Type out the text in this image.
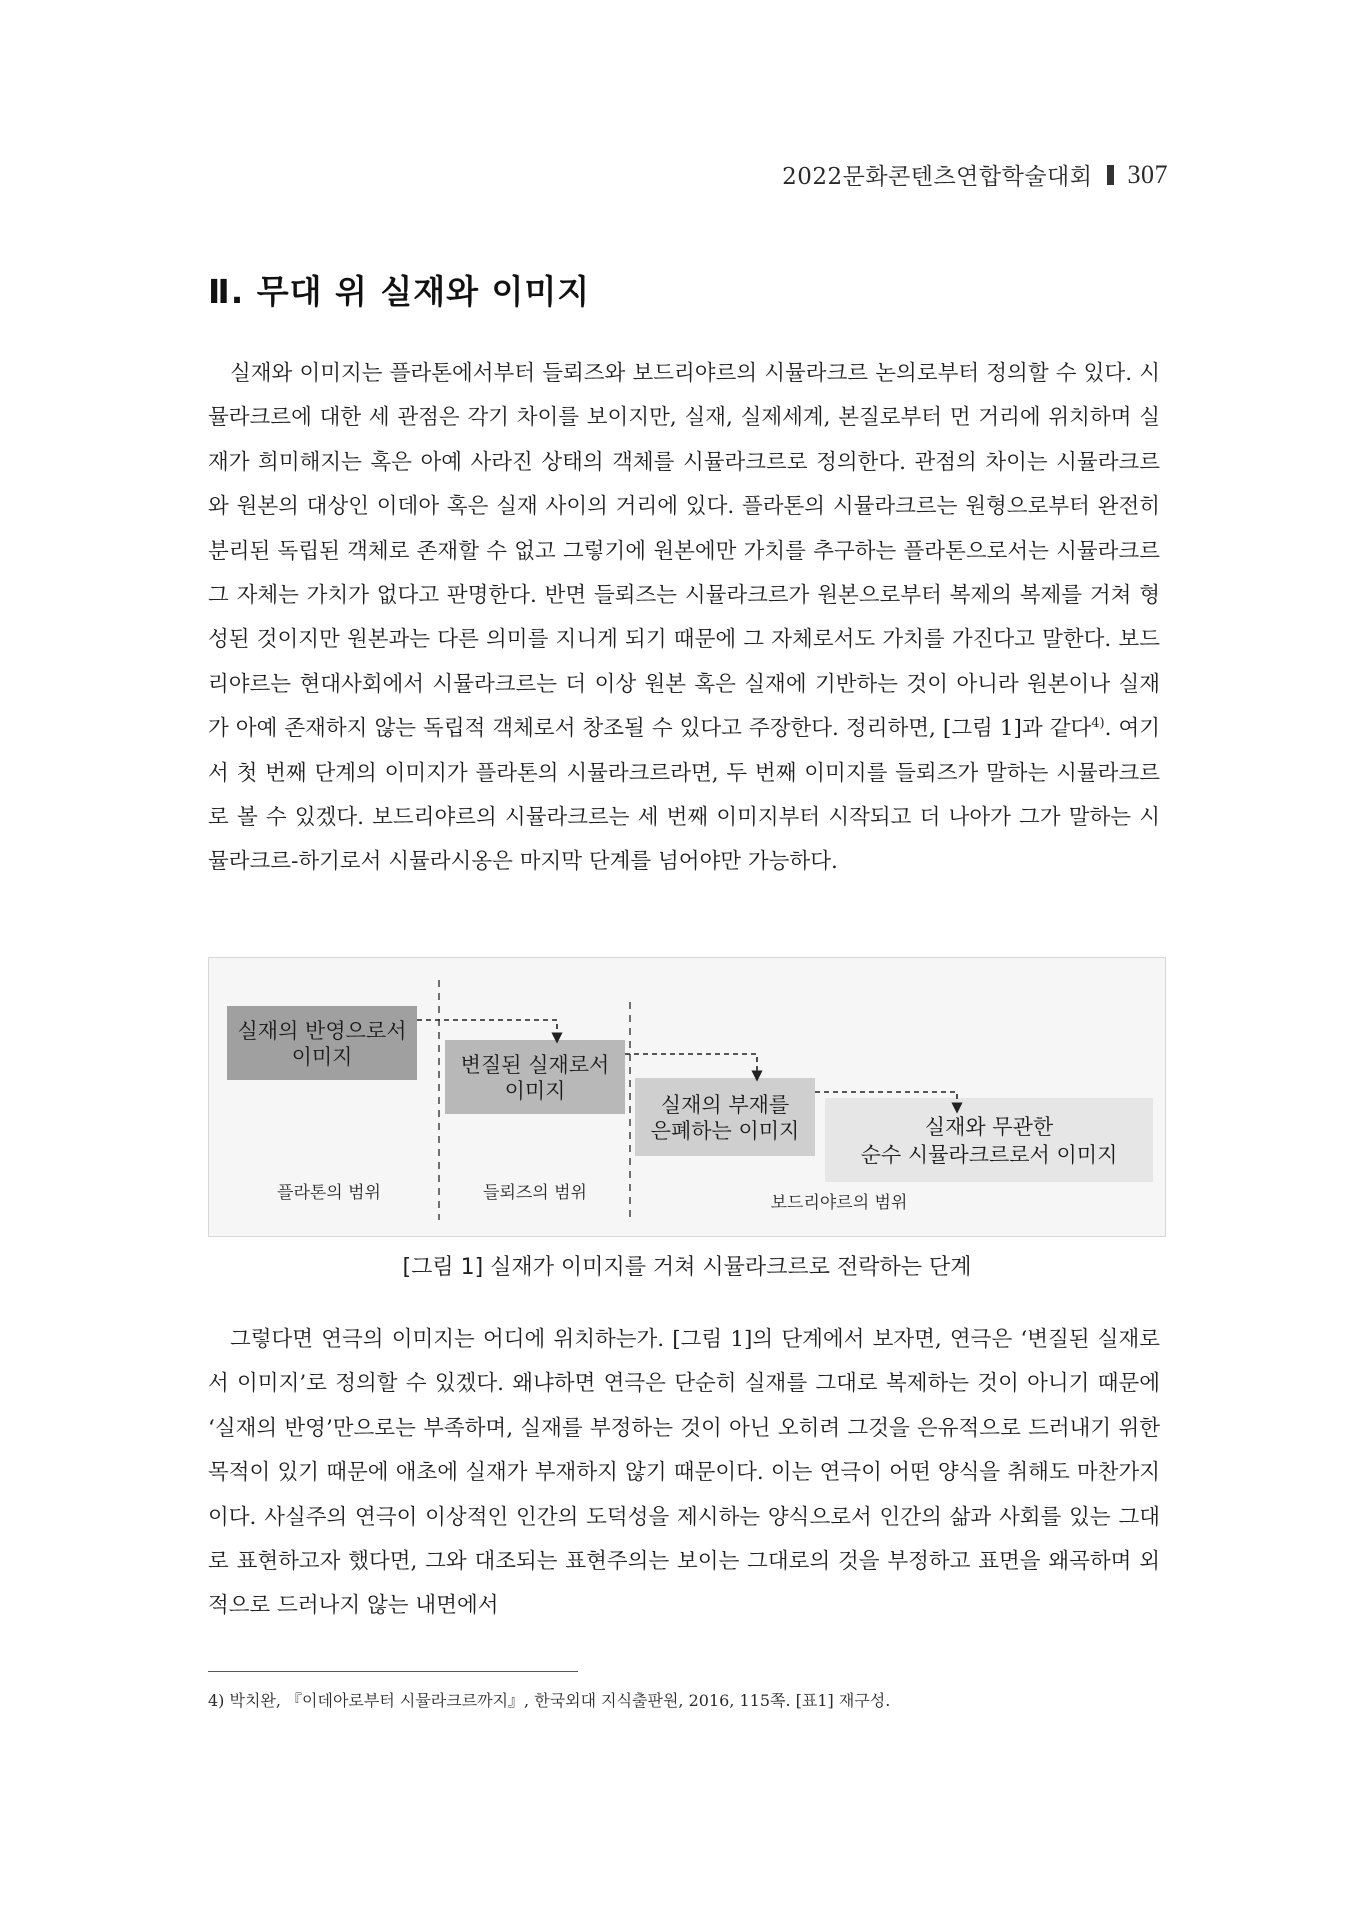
2022문화콘텐츠연합학술대회 307
Ⅱ. 무대 위 실재와 이미지

실재와 이미지는 플라톤에서부터 들뢰즈와 보드리야르의 시뮬라크르 논의로부터 정의할 수 있다. 시뮬라크르에 대한 세 관점은 각기 차이를 보이지만, 실재, 실제세계, 본질로부터 먼 거리에 위치하며 실재가 희미해지는 혹은 아예 사라진 상태의 객체를 시뮬라크르로 정의한다. 관점의 차이는 시뮬라크르와 원본의 대상인 이데아 혹은 실재 사이의 거리에 있다. 플라톤의 시뮬라크르는 원형으로부터 완전히 분리된 독립된 객체로 존재할 수 없고 그렇기에 원본에만 가치를 추구하는 플라톤으로서는 시뮬라크르 그 자체는 가치가 없다고 판명한다. 반면 들뢰즈는 시뮬라크르가 원본으로부터 복제의 복제를 거쳐 형성된 것이지만 원본과는 다른 의미를 지니게 되기 때문에 그 자체로서도 가치를 가진다고 말한다. 보드리야르는 현대사회에서 시뮬라크르는 더 이상 원본 혹은 실재에 기반하는 것이 아니라 원본이나 실재가 아예 존재하지 않는 독립적 객체로서 창조될 수 있다고 주장한다. 정리하면, [그림 1]과 같다$^{4)}$. 여기서 첫 번째 단계의 이미지가 플라톤의 시뮬라크르라면, 두 번째 이미지를 들뢰즈가 말하는 시뮬라크르로 볼 수 있겠다. 보드리야르의 시뮬라크르는 세 번째 이미지부터 시작되고 더 나아가 그가 말하는 시뮬라크르-하기로서 시뮬라시옹은 마지막 단계를 넘어야만 가능하다.

실재의 반영으로서
이미지	변질된 실재로서
이미지
실재의 부재를
은폐하는 이미지	실재와 무관한
순수 시뮬라크르로서 이미지
플라톤의 범위	들뢰즈의 범위	보드리야르의 범위
[그림 1] 실재가 이미지를 거쳐 시뮬라크르로 전락하는 단계

그렇다면 연극의 이미지는 어디에 위치하는가. [그림 1]의 단계에서 보자면, 연극은 ‘변질된 실재로서 이미지’로 정의할 수 있겠다. 왜냐하면 연극은 단순히 실재를 그대로 복제하는 것이 아니기 때문에 ‘실재의 반영’만으로는 부족하며, 실재를 부정하는 것이 아닌 오히려 그것을 은유적으로 드러내기 위한 목적이 있기 때문에 애초에 실재가 부재하지 않기 때문이다. 이는 연극이 어떤 양식을 취해도 마찬가지이다. 사실주의 연극이 이상적인 인간의 도덕성을 제시하는 양식으로서 인간의 삶과 사회를 있는 그대로 표현하고자 했다면, 그와 대조되는 표현주의는 보이는 그대로의 것을 부정하고 표면을 왜곡하며 외적으로 드러나지 않는 내면에서

4) 박치완, 『이데아로부터 시뮬라크르까지』, 한국외대 지식출판원, 2016, 115쪽. [표1] 재구성.
